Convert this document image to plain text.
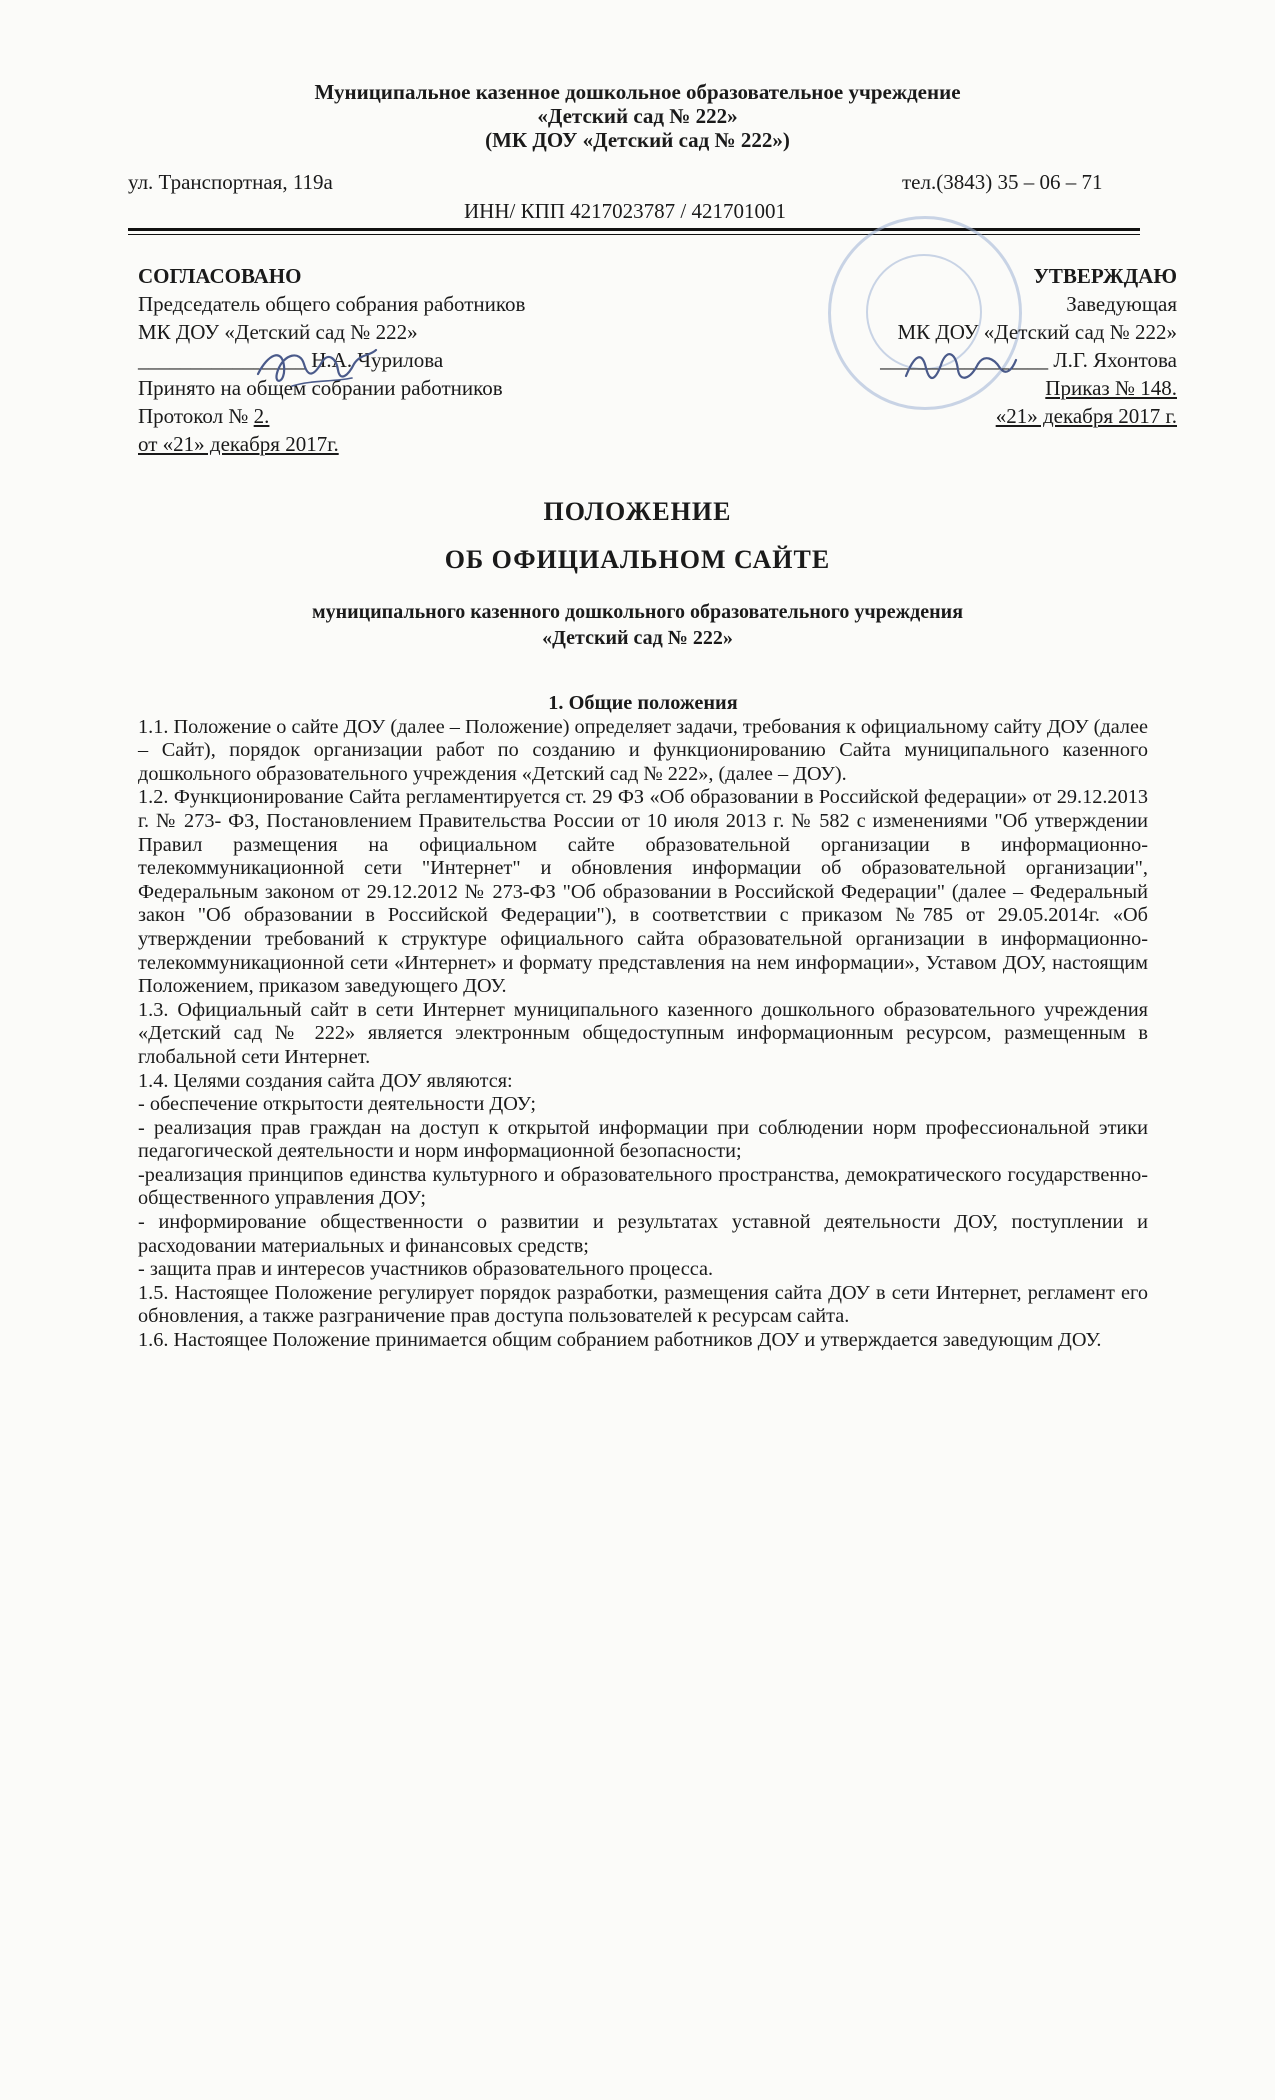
Муниципальное казенное дошкольное образовательное учреждение
«Детский сад № 222»
(МК ДОУ «Детский сад № 222»)
ул. Транспортная, 119а	тел.(3843) 35 – 06 – 71
ИНН/ КПП 4217023787 / 421701001
СОГЛАСОВАНО
Председатель общего собрания работников
МК ДОУ «Детский сад № 222»
________________ Н.А. Чурилова
Принято на общем собрании работников
Протокол № 2.
от «21» декабря 2017г.
УТВЕРЖДАЮ
Заведующая
МК ДОУ «Детский сад № 222»
________________ Л.Г. Яхонтова
Приказ № 148.
«21» декабря 2017 г.
ПОЛОЖЕНИЕ
ОБ ОФИЦИАЛЬНОМ САЙТЕ
муниципального казенного дошкольного образовательного учреждения
«Детский сад № 222»

1. Общие положения

1.1. Положение о сайте ДОУ (далее – Положение) определяет задачи, требования к официальному сайту ДОУ (далее – Сайт), порядок организации работ по созданию и функционированию Сайта муниципального казенного дошкольного образовательного учреждения «Детский сад № 222», (далее – ДОУ).

1.2. Функционирование Сайта регламентируется ст. 29 ФЗ «Об образовании в Российской федерации» от 29.12.2013 г. № 273- ФЗ, Постановлением Правительства России от 10 июля 2013 г. № 582 с изменениями "Об утверждении Правил размещения на официальном сайте образовательной организации в информационно-телекоммуникационной сети "Интернет" и обновления информации об образовательной организации", Федеральным законом от 29.12.2012 № 273-ФЗ "Об образовании в Российской Федерации" (далее – Федеральный закон "Об образовании в Российской Федерации"), в соответствии с приказом №785 от 29.05.2014г. «Об утверждении требований к структуре официального сайта образовательной организации в информационно-телекоммуникационной сети «Интернет» и формату представления на нем информации», Уставом ДОУ, настоящим Положением, приказом заведующего ДОУ.

1.3. Официальный сайт в сети Интернет муниципального казенного дошкольного образовательного учреждения «Детский сад № 222» является электронным общедоступным информационным ресурсом, размещенным в глобальной сети Интернет.

1.4. Целями создания сайта ДОУ являются:

- обеспечение открытости деятельности ДОУ;

- реализация прав граждан на доступ к открытой информации при соблюдении норм профессиональной этики педагогической деятельности и норм информационной безопасности;

-реализация принципов единства культурного и образовательного пространства, демократического государственно-общественного управления ДОУ;

- информирование общественности о развитии и результатах уставной деятельности ДОУ, поступлении и расходовании материальных и финансовых средств;

- защита прав и интересов участников образовательного процесса.

1.5. Настоящее Положение регулирует порядок разработки, размещения сайта ДОУ в сети Интернет, регламент его обновления, а также разграничение прав доступа пользователей к ресурсам сайта.

1.6. Настоящее Положение принимается общим собранием работников ДОУ и утверждается заведующим ДОУ.
